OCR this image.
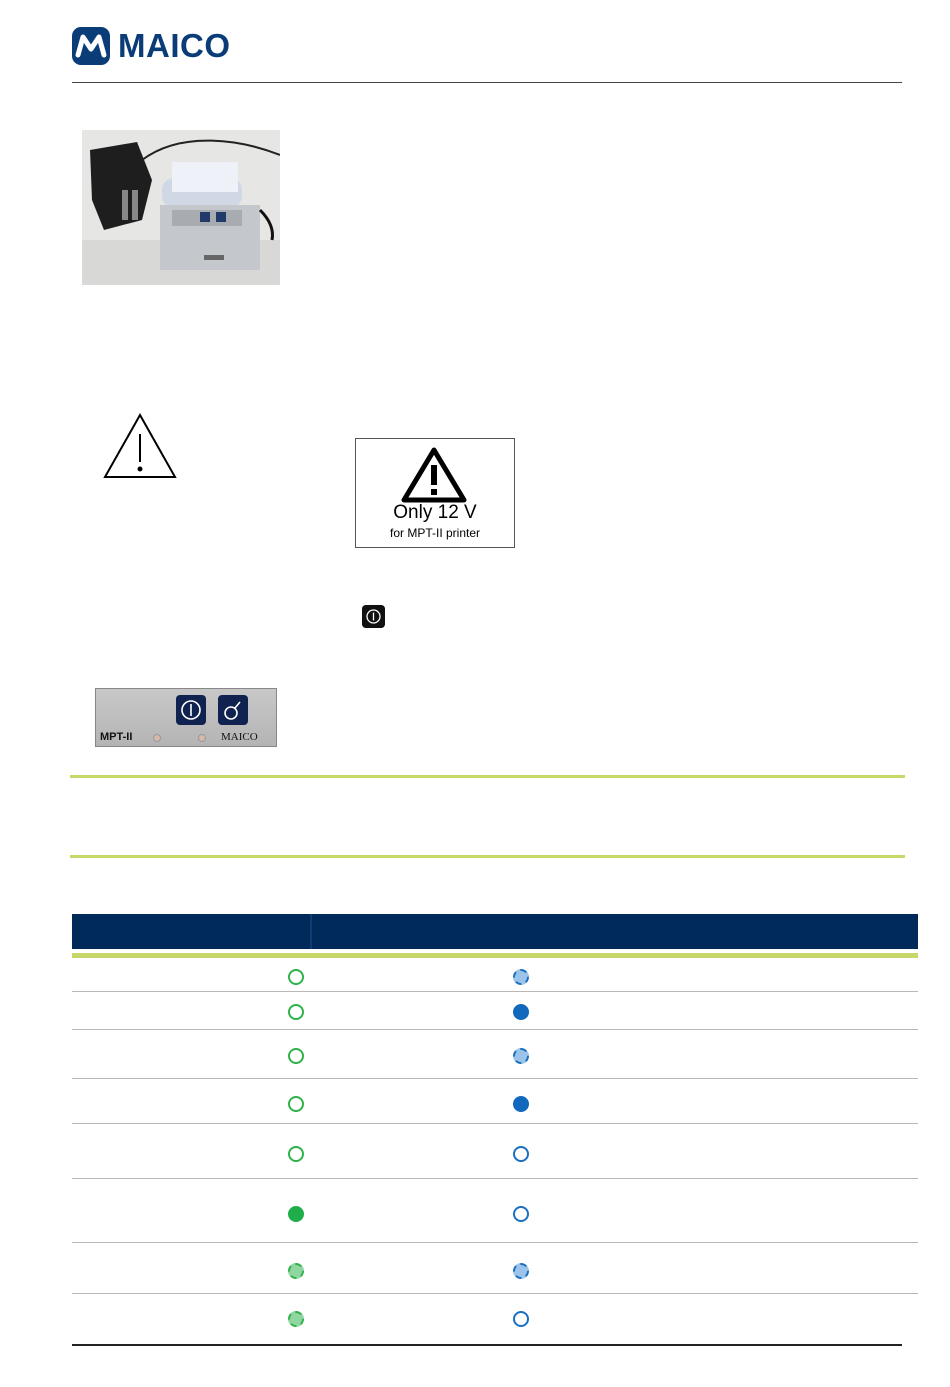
MAICO
Only 12 V
for MPT-II printer
MPT-II	MAICO
